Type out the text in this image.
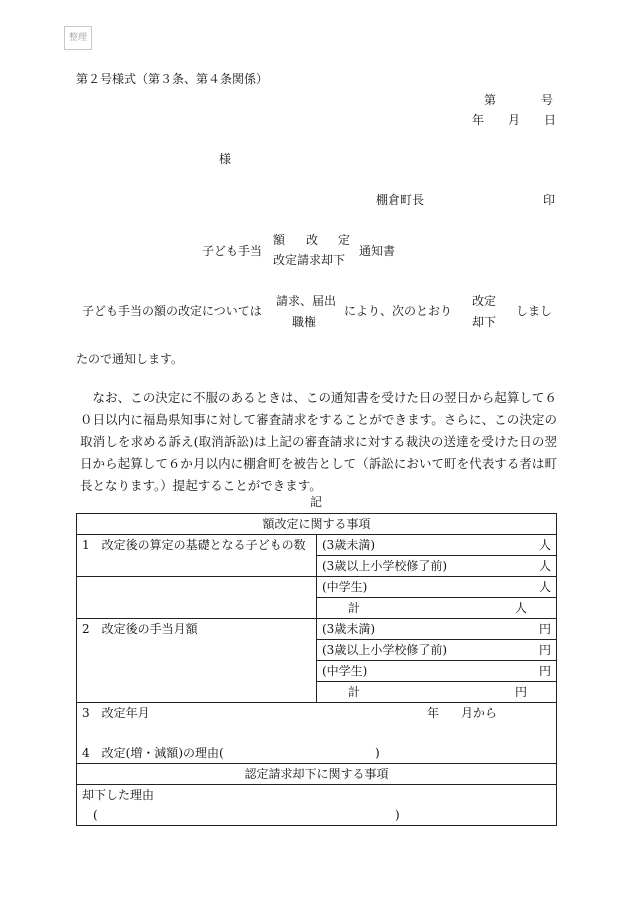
整理
第２号様式（第３条、第４条関係）
第	号
年 月 日
様
棚倉町長	印
子ども手当
額 改 定
改定請求却下
通知書
子ども手当の額の改定については
請求、届出
職権
により、次のとおり
改定
却下
しまし
たので通知します。
なお、この決定に不服のあるときは、この通知書を受けた日の翌日から起算して６０日以内に福島県知事に対して審査請求をすることができます。さらに、この決定の取消しを求める訴え(取消訴訟)は上記の審査請求に対する裁決の送達を受けた日の翌日から起算して６か月以内に棚倉町を被告として（訴訟において町を代表する者は町長となります。）提起することができます。
記
額改定に関する事項	
1　改定後の算定の基礎となる子どもの数	(3歳未満) 人

	(3歳以上小学校修了前) 人

	(中学生) 人

	計 人

2　改定後の手当月額	(3歳未満) 円

	(3歳以上小学校修了前) 円

	(中学生) 円

	計 円

3　改定年月 年 月から
4　改定(増・減額)の理由( )	

認定請求却下に関する事項	

却下した理由
( )	
